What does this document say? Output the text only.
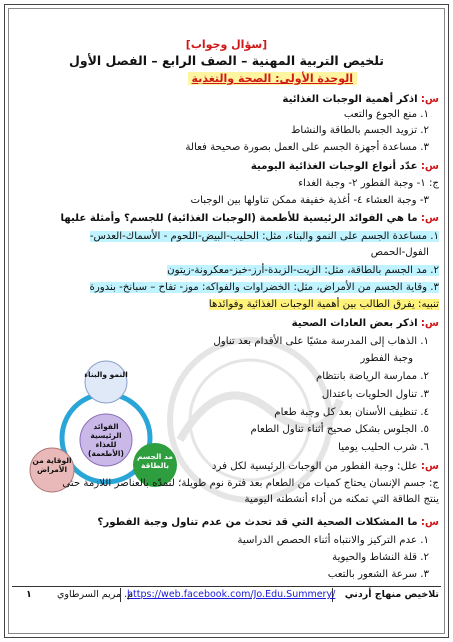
[سؤال وجواب]
تلخيص التربية المهنية – الصف الرابع – الفصل الأول
الوحدة الأولى: الصحة والتغذية
س: اذكر أهمية الوجبات الغذائية
١. منع الجوع والتعب
٢. تزويد الجسم بالطاقة والنشاط
٣. مساعدة أجهزة الجسم على العمل بصورة صحيحة فعالة
س: عدّد أنواع الوجبات الغذائية اليومية
ج: ١- وجبة الفطور ٢- وجبة الغداء
٣- وجبة العشاء ٤- أغذية خفيفة ممكن تناولها بين الوجبات
س: ما هي الفوائد الرئيسية للأطعمة (الوجبات الغذائية) للجسم؟ وأمثلة عليها
١. مساعدة الجسم على النمو والبناء، مثل: الحليب-البيض-اللحوم - الأسماك-العدس-
الفول-الحمص
٢. مد الجسم بالطاقة، مثل: الزيت-الزبدة-أرز-خبز-معكرونة-زيتون
٣. وقاية الجسم من الأمراض، مثل: الخضراوات والفواكه: موز- تفاح – سبانخ- بندورة
تنبيه: يفرق الطالب بين أهمية الوجبات الغذائية وفوائدها
س: اذكر بعض العادات الصحية
١. الذهاب إلى المدرسة مشيًا على الأقدام بعد تناول
وجبة الفطور
٢. ممارسة الرياضة بانتظام
٣. تناول الحلويات باعتدال
٤. تنظيف الأسنان بعد كل وجبة طعام
٥. الجلوس بشكل صحيح أثناء تناول الطعام
٦. شرب الحليب يوميا
النمو والبناء
مد الجسم بالطاقة
الوقاية من الأمراض
الفوائد الرئيسية للغذاء (الأطعمة)
س: علل: وجبة الفطور من الوجبات الرئيسية لكل فرد
ج: جسم الإنسان يحتاج كميات من الطعام بعد فترة نوم طويلة؛ لتمدّه بالعناصر اللازمة حتى
ينتج الطاقة التي تمكنه من أداء أنشطته اليومية
س: ما المشكلات الصحية التي قد تحدث من عدم تناول وجبة الفطور؟
١. عدم التركيز والانتباه أثناء الحصص الدراسية
٢. قلة النشاط والحيوية
٣. سرعة الشعور بالتعب
تلاخيص منهاج أردني
https://web.facebook.com/Jo.Edu.Summery/
م. مريم السرطاوي
١
